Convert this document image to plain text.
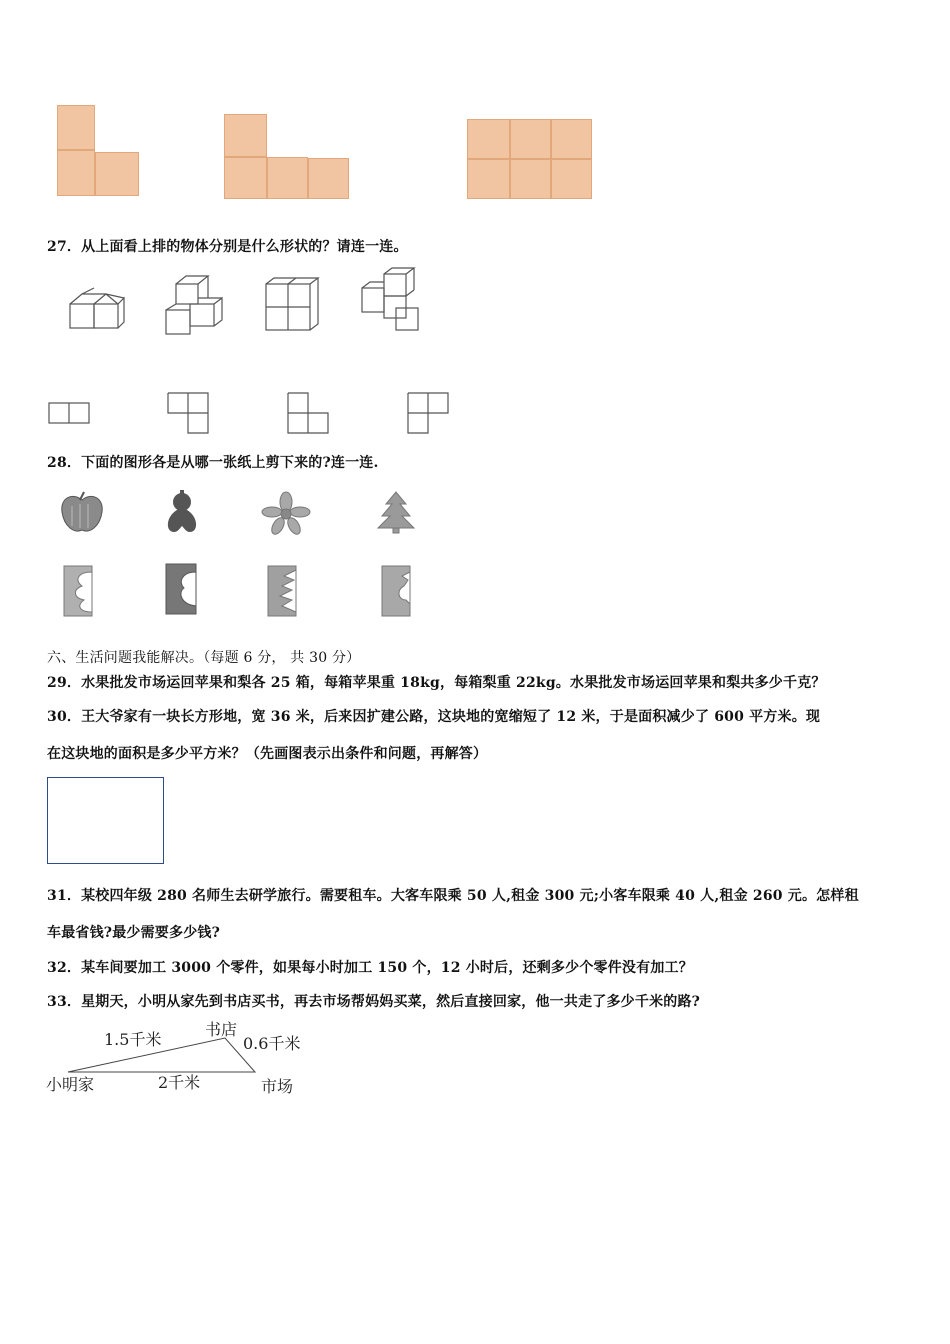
27．从上面看上排的物体分别是什么形状的？请连一连。
28．下面的图形各是从哪一张纸上剪下来的?连一连.
六、生活问题我能解决。（每题 6 分， 共 30 分）
29．水果批发市场运回苹果和梨各 25 箱，每箱苹果重 18kg，每箱梨重 22kg。水果批发市场运回苹果和梨共多少千克？
30．王大爷家有一块长方形地，宽 36 米，后来因扩建公路，这块地的宽缩短了 12 米，于是面积减少了 600 平方米。现
在这块地的面积是多少平方米？（先画图表示出条件和问题，再解答）
31．某校四年级 280 名师生去研学旅行。需要租车。大客车限乘 50 人,租金 300 元;小客车限乘 40 人,租金 260 元。怎样租
车最省钱?最少需要多少钱?
32．某车间要加工 3000 个零件，如果每小时加工 150 个，12 小时后，还剩多少个零件没有加工？
33．星期天，小明从家先到书店买书，再去市场帮妈妈买菜，然后直接回家，他一共走了多少千米的路?
1.5千米
书店
0.6千米
小明家	2千米	市场
